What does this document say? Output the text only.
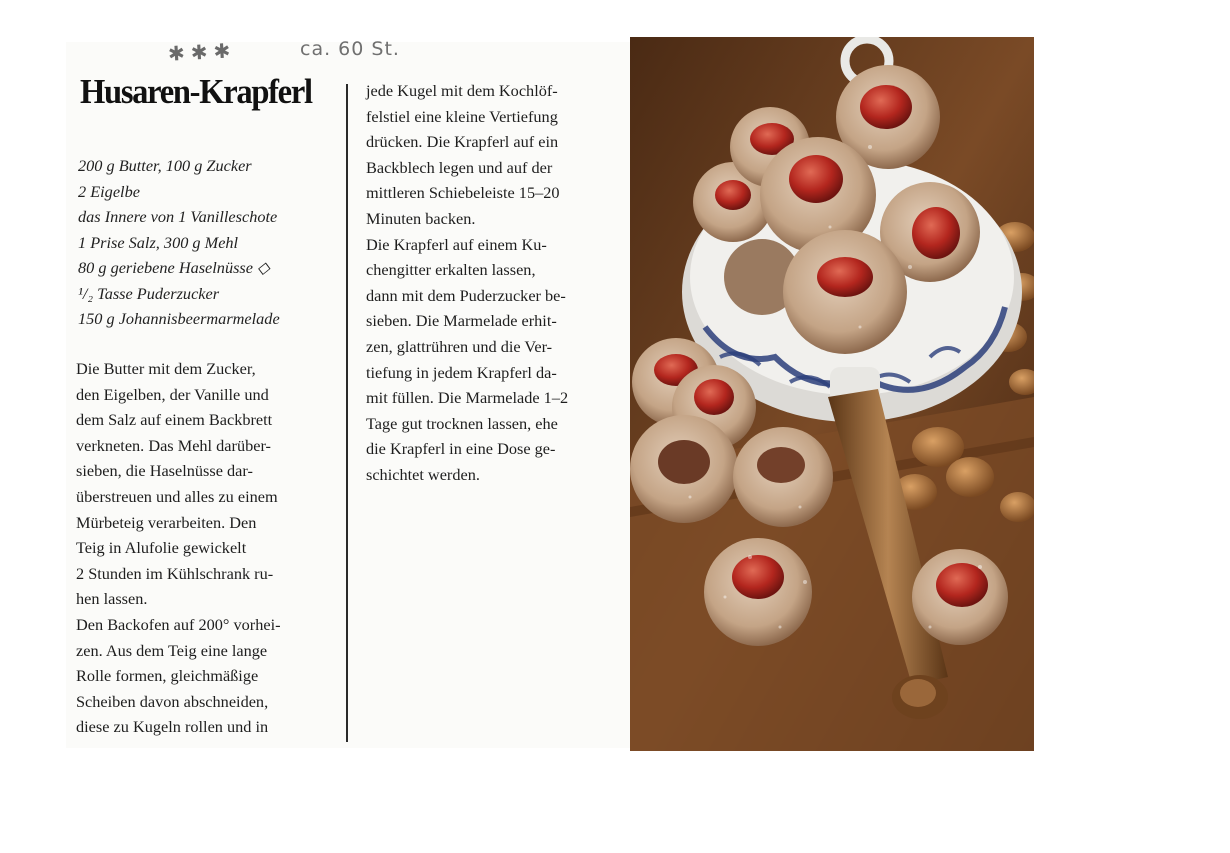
✱✱✱	ca. 60 St.
Husaren-Krapferl
200 g Butter, 100 g Zucker
2 Eigelbe
das Innere von 1 Vanilleschote
1 Prise Salz, 300 g Mehl
80 g geriebene Haselnüsse ◇
¹/₂ Tasse Puderzucker
150 g Johannisbeermarmelade
Die Butter mit dem Zucker,
den Eigelben, der Vanille und
dem Salz auf einem Backbrett
verkneten. Das Mehl darüber-
sieben, die Haselnüsse dar-
überstreuen und alles zu einem
Mürbeteig verarbeiten. Den
Teig in Alufolie gewickelt
2 Stunden im Kühlschrank ru-
hen lassen.
Den Backofen auf 200° vorhei-
zen. Aus dem Teig eine lange
Rolle formen, gleichmäßige
Scheiben davon abschneiden,
diese zu Kugeln rollen und in
jede Kugel mit dem Kochlöf-
felstiel eine kleine Vertiefung
drücken. Die Krapferl auf ein
Backblech legen und auf der
mittleren Schiebeleiste 15–20
Minuten backen.
Die Krapferl auf einem Ku-
chengitter erkalten lassen,
dann mit dem Puderzucker be-
sieben. Die Marmelade erhit-
zen, glattrühren und die Ver-
tiefung in jedem Krapferl da-
mit füllen. Die Marmelade 1–2
Tage gut trocknen lassen, ehe
die Krapferl in eine Dose ge-
schichtet werden.
